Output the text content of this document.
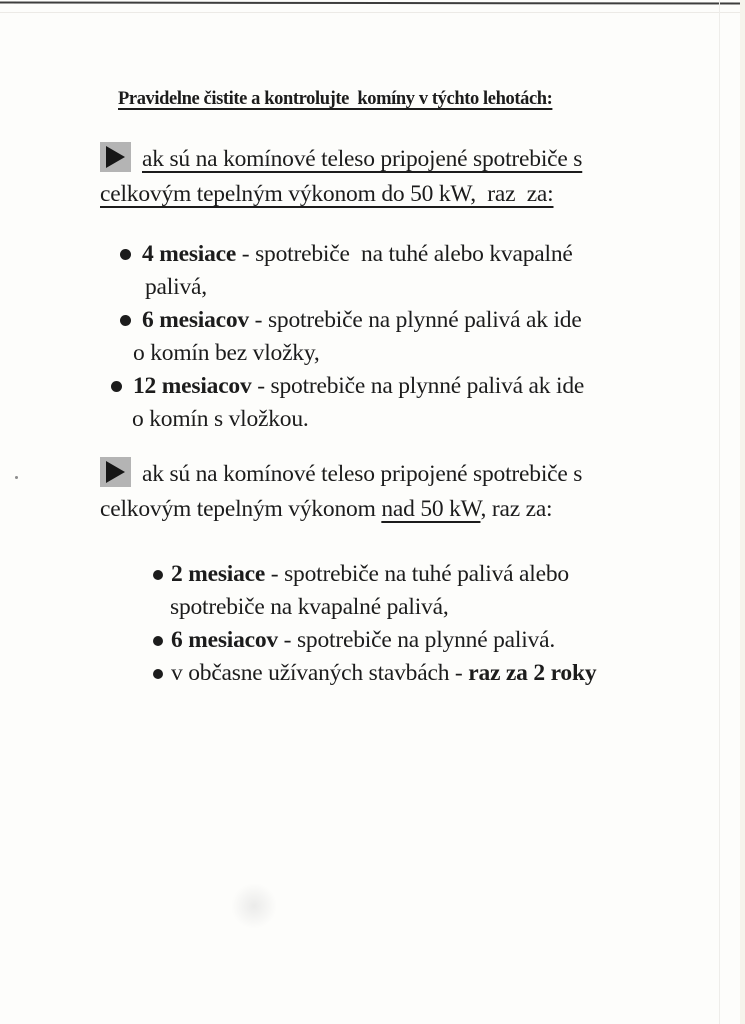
Pravidelne čistite a kontrolujte  komíny v týchto lehotách:
ak sú na komínové teleso pripojené spotrebiče s
celkovým tepelným výkonom do 50 kW,  raz  za:
4 mesiace - spotrebiče  na tuhé alebo kvapalné
palivá,
6 mesiacov - spotrebiče na plynné palivá ak ide
o komín bez vložky,
12 mesiacov - spotrebiče na plynné palivá ak ide
o komín s vložkou.
ak sú na komínové teleso pripojené spotrebiče s
celkovým tepelným výkonom nad 50 kW, raz za:
2 mesiace - spotrebiče na tuhé palivá alebo
spotrebiče na kvapalné palivá,
6 mesiacov - spotrebiče na plynné palivá.
v občasne užívaných stavbách - raz za 2 roky
